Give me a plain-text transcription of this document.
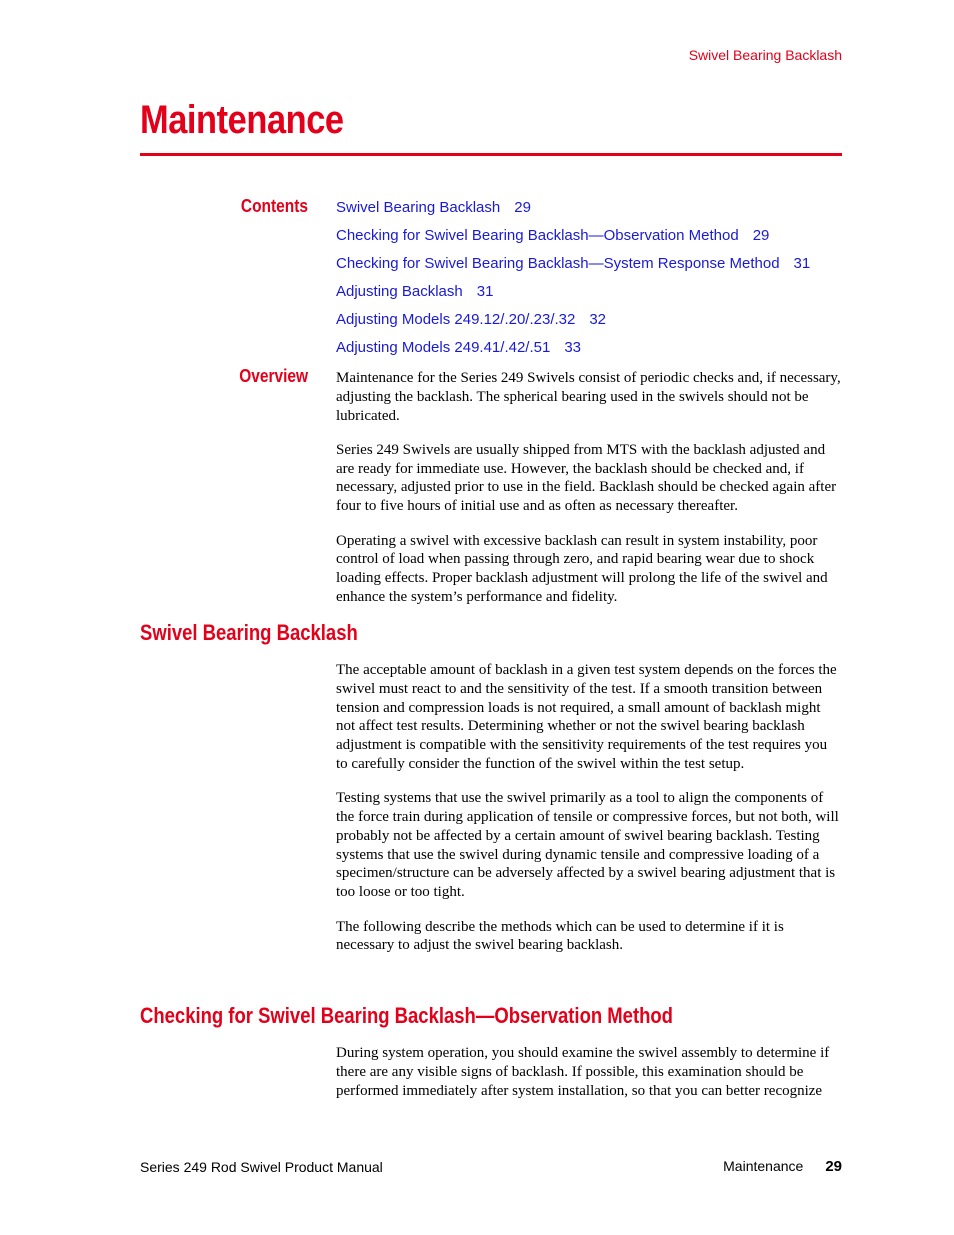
Swivel Bearing Backlash
Maintenance
Contents Swivel Bearing Backlash 29
Checking for Swivel Bearing Backlash—Observation Method 29
Checking for Swivel Bearing Backlash—System Response Method 31
Adjusting Backlash 31
Adjusting Models 249.12/.20/.23/.32 32
Adjusting Models 249.41/.42/.51 33
Overview Maintenance for the Series 249 Swivels consist of periodic checks and, if necessary, adjusting the backlash. The spherical bearing used in the swivels should not be lubricated.

Series 249 Swivels are usually shipped from MTS with the backlash adjusted and are ready for immediate use. However, the backlash should be checked and, if necessary, adjusted prior to use in the field. Backlash should be checked again after four to five hours of initial use and as often as necessary thereafter.

Operating a swivel with excessive backlash can result in system instability, poor control of load when passing through zero, and rapid bearing wear due to shock loading effects. Proper backlash adjustment will prolong the life of the swivel and enhance the system’s performance and fidelity.

Swivel Bearing Backlash

The acceptable amount of backlash in a given test system depends on the forces the swivel must react to and the sensitivity of the test. If a smooth transition between tension and compression loads is not required, a small amount of backlash might not affect test results. Determining whether or not the swivel bearing backlash adjustment is compatible with the sensitivity requirements of the test requires you to carefully consider the function of the swivel within the test setup.

Testing systems that use the swivel primarily as a tool to align the components of the force train during application of tensile or compressive forces, but not both, will probably not be affected by a certain amount of swivel bearing backlash. Testing systems that use the swivel during dynamic tensile and compressive loading of a specimen/structure can be adversely affected by a swivel bearing adjustment that is too loose or too tight.

The following describe the methods which can be used to determine if it is necessary to adjust the swivel bearing backlash.

Checking for Swivel Bearing Backlash—Observation Method

During system operation, you should examine the swivel assembly to determine if there are any visible signs of backlash. If possible, this examination should be performed immediately after system installation, so that you can better recognize

Series 249 Rod Swivel Product Manual	Maintenance 29
